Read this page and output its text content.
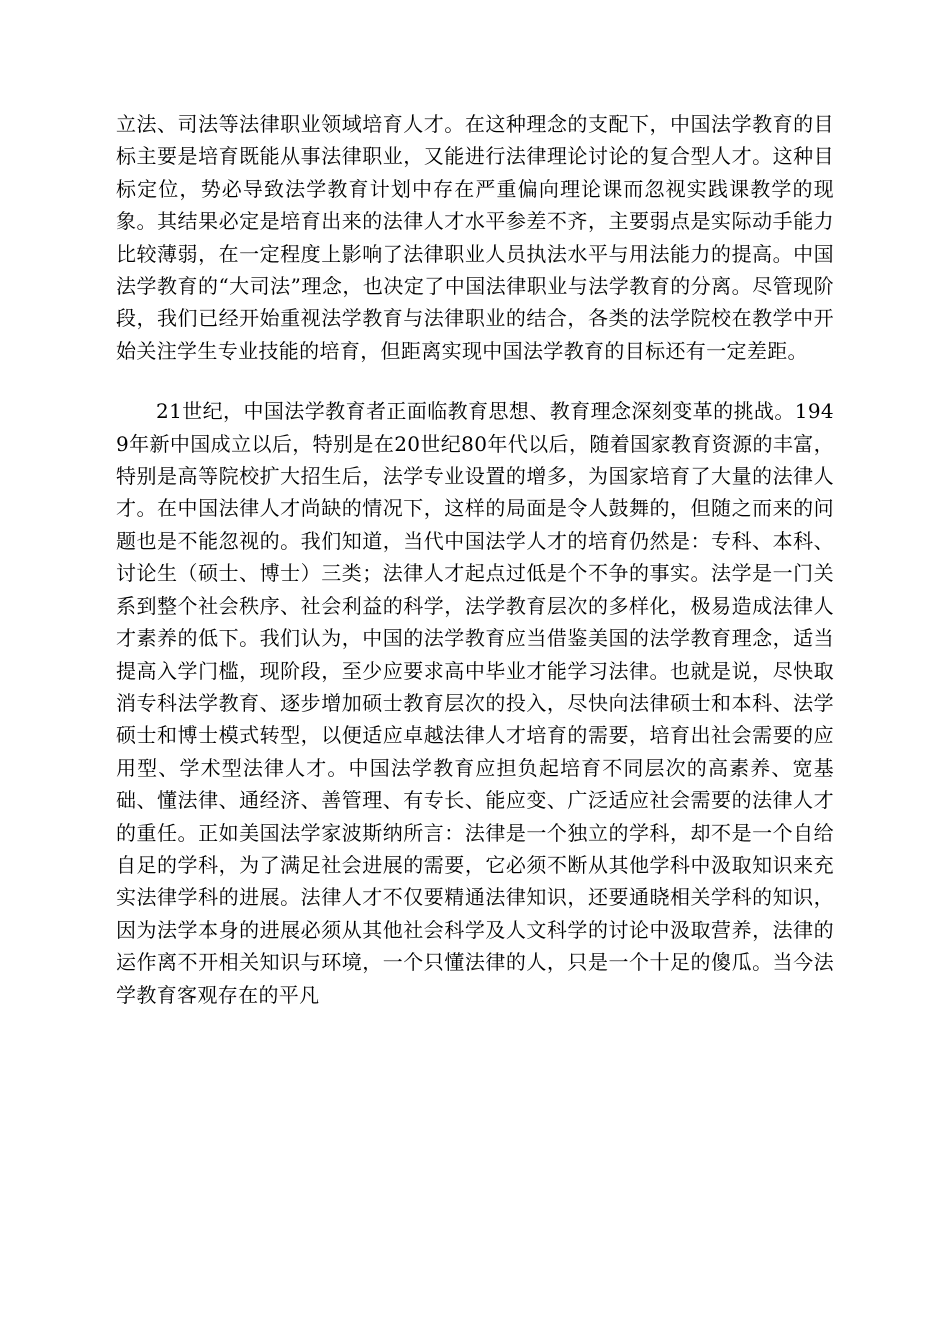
立法、司法等法律职业领域培育人才。在这种理念的支配下，中国法学教育的目标主要是培育既能从事法律职业，又能进行法律理论讨论的复合型人才。这种目标定位，势必导致法学教育计划中存在严重偏向理论课而忽视实践课教学的现象。其结果必定是培育出来的法律人才水平参差不齐，主要弱点是实际动手能力比较薄弱，在一定程度上影响了法律职业人员执法水平与用法能力的提高。中国法学教育的“大司法”理念，也决定了中国法律职业与法学教育的分离。尽管现阶段，我们已经开始重视法学教育与法律职业的结合，各类的法学院校在教学中开始关注学生专业技能的培育，但距离实现中国法学教育的目标还有一定差距。

21世纪，中国法学教育者正面临教育思想、教育理念深刻变革的挑战。1949年新中国成立以后，特别是在20世纪80年代以后，随着国家教育资源的丰富，特别是高等院校扩大招生后，法学专业设置的增多，为国家培育了大量的法律人才。在中国法律人才尚缺的情况下，这样的局面是令人鼓舞的，但随之而来的问题也是不能忽视的。我们知道，当代中国法学人才的培育仍然是：专科、本科、讨论生（硕士、博士）三类；法律人才起点过低是个不争的事实。法学是一门关系到整个社会秩序、社会利益的科学，法学教育层次的多样化，极易造成法律人才素养的低下。我们认为，中国的法学教育应当借鉴美国的法学教育理念，适当提高入学门槛，现阶段，至少应要求高中毕业才能学习法律。也就是说，尽快取消专科法学教育、逐步增加硕士教育层次的投入，尽快向法律硕士和本科、法学硕士和博士模式转型，以便适应卓越法律人才培育的需要，培育出社会需要的应用型、学术型法律人才。中国法学教育应担负起培育不同层次的高素养、宽基础、懂法律、通经济、善管理、有专长、能应变、广泛适应社会需要的法律人才的重任。正如美国法学家波斯纳所言：法律是一个独立的学科，却不是一个自给自足的学科，为了满足社会进展的需要，它必须不断从其他学科中汲取知识来充实法律学科的进展。法律人才不仅要精通法律知识，还要通晓相关学科的知识，因为法学本身的进展必须从其他社会科学及人文科学的讨论中汲取营养，法律的运作离不开相关知识与环境，一个只懂法律的人，只是一个十足的傻瓜。当今法学教育客观存在的平凡
